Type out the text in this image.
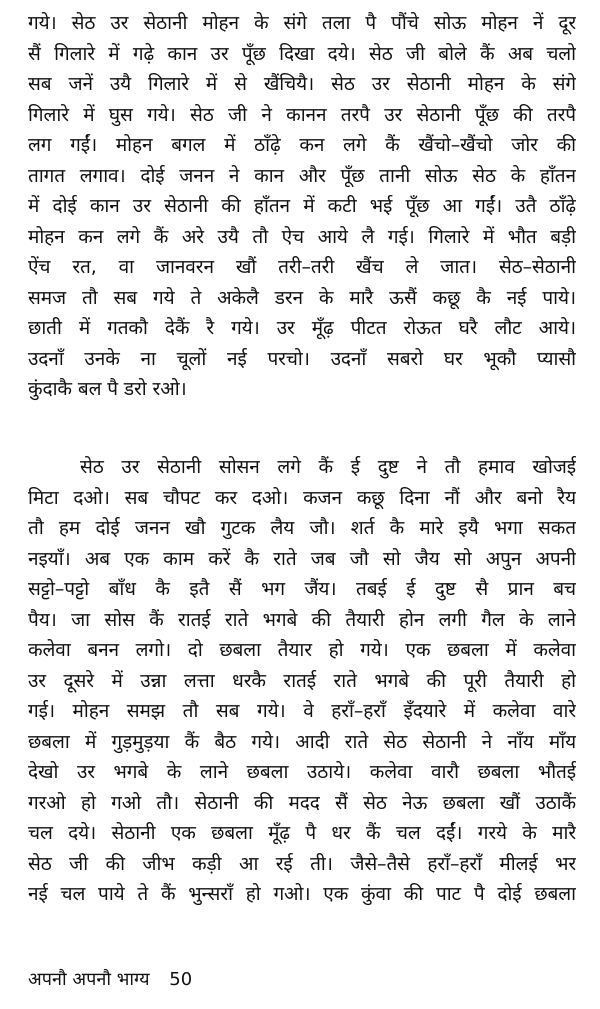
गये। सेठ उर सेठानी मोहन के संगे तला पै पौंचे सोऊ मोहन नें दूर
सैं गिलारे में गढ़े कान उर पूँछ दिखा दये। सेठ जी बोले कैं अब चलो
सब जनें उयै गिलारे में से खैंचियै। सेठ उर सेठानी मोहन के संगे
गिलारे में घुस गये। सेठ जी ने कानन तरपै उर सेठानी पूँछ की तरपै
लग गईं। मोहन बगल में ठाँढ़े कन लगे कैं खैंचो–खैंचो जोर की
तागत लगाव। दोई जनन ने कान और पूँछ तानी सोऊ सेठ के हाँतन
में दोई कान उर सेठानी की हाँतन में कटी भई पूँछ आ गईं। उतै ठाँढ़े
मोहन कन लगे कैं अरे उयै तौ ऐच आये लै गई। गिलारे में भौत बड़ी
ऐंच रत, वा जानवरन खौं तरी–तरी खैंच ले जात। सेठ–सेठानी
समज तौ सब गये ते अकेलै डरन के मारै ऊसैं कछू कै नई पाये।
छाती में गतकौ देकैं रै गये। उर मूँढ़ पीटत रोऊत घरै लौट आये।
उदनाँ उनके ना चूलों नई परचो। उदनाँ सबरो घर भूकौ प्यासौ
कुंदाकै बल पै डरो रओ।
सेठ उर सेठानी सोसन लगे कैं ई दुष्ट ने तौ हमाव खोजई
मिटा दओ। सब चौपट कर दओ। कजन कछू दिना नौं और बनो रैय
तौ हम दोई जनन खौ गुटक लैय जौ। शर्त कै मारे इयै भगा सकत
नइयाँ। अब एक काम करें कै राते जब जौ सो जैय सो अपुन अपनी
सट्टो–पट्टो बाँध कै इतै सैं भग जैंय। तबई ई दुष्ट सै प्रान बच
पैय। जा सोस कैं रातई राते भगबे की तैयारी होन लगी गैल के लाने
कलेवा बनन लगो। दो छबला तैयार हो गये। एक छबला में कलेवा
उर दूसरे में उन्ना लत्ता धरकै रातई राते भगबे की पूरी तैयारी हो
गई। मोहन समझ तौ सब गये। वे हराँ–हराँ इँदयारे में कलेवा वारे
छबला में गुड़मुड़या कैं बैठ गये। आदी राते सेठ सेठानी ने नाँय माँय
देखो उर भगबे के लाने छबला उठाये। कलेवा वारौ छबला भौतई
गरओ हो गओ तौ। सेठानी की मदद सैं सेठ नेऊ छबला खौं उठाकैं
चल दये। सेठानी एक छबला मूँढ़ पै धर कैं चल दईं। गरये के मारै
सेठ जी की जीभ कड़ी आ रई ती। जैसे–तैसे हराँ–हराँ मीलई भर
नई चल पाये ते कैं भुन्सराँ हो गओ। एक कुंवा की पाट पै दोई छबला
अपनौ अपनौ भाग्य 50
